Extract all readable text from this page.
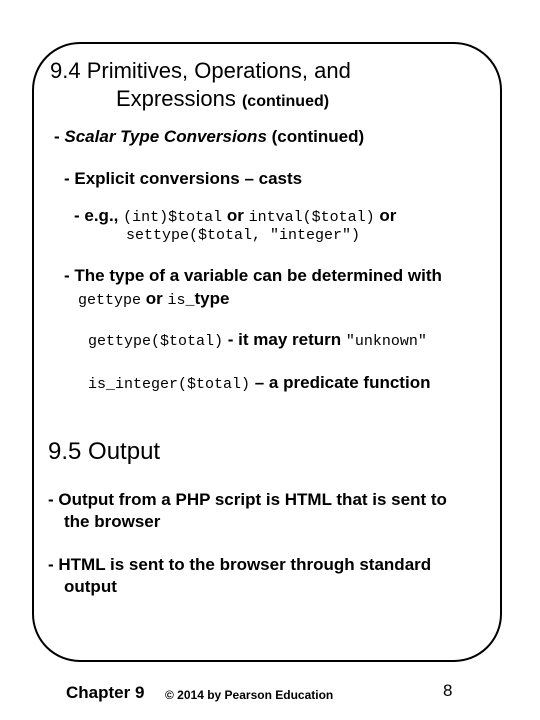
9.4 Primitives, Operations, and
Expressions (continued)
- Scalar Type Conversions (continued)
- Explicit conversions – casts
- e.g., (int)$total or intval($total) or
settype($total, "integer")
- The type of a variable can be determined with
gettype or is_type
gettype($total) - it may return "unknown"
is_integer($total) – a predicate function
9.5 Output
- Output from a PHP script is HTML that is sent to
the browser
- HTML is sent to the browser through standard
output
Chapter 9 © 2014 by Pearson Education	8
